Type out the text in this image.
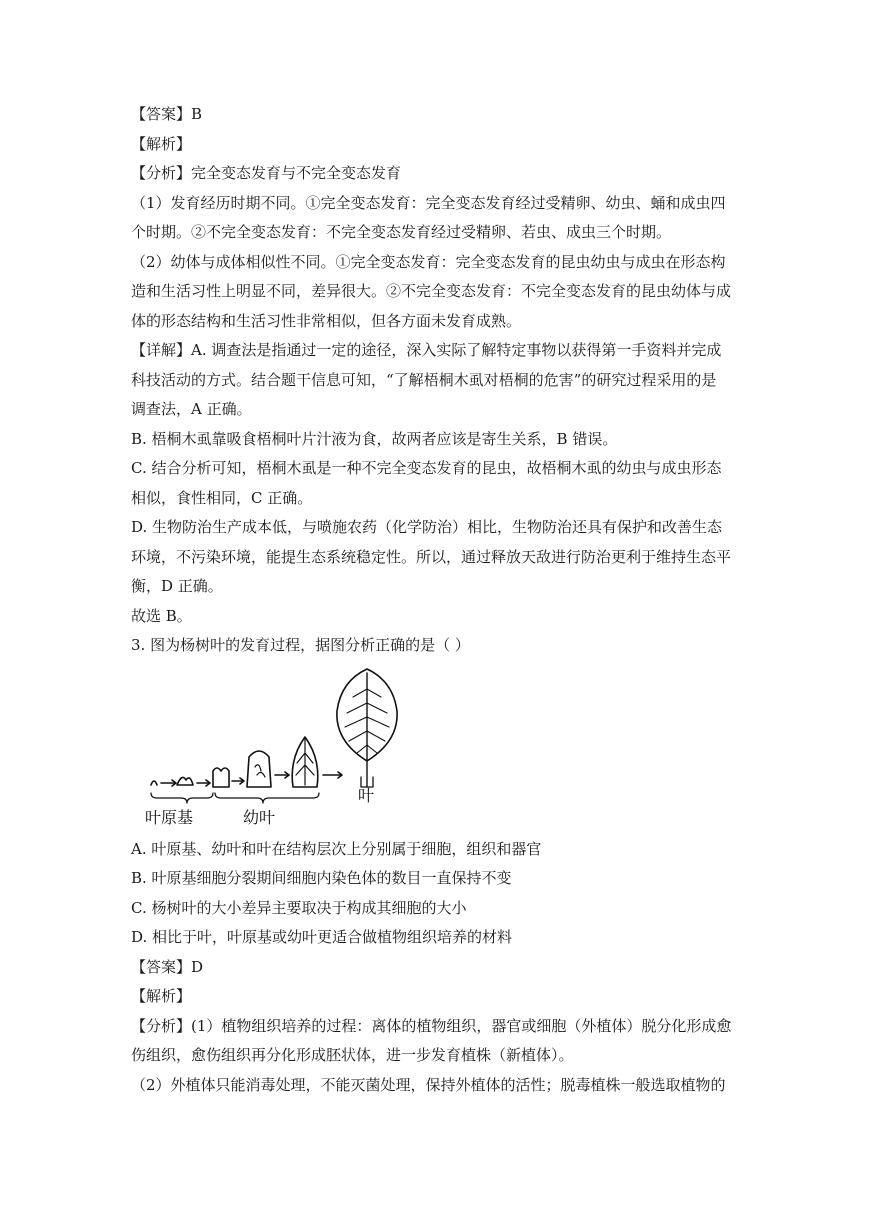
【答案】B

【解析】

【分析】完全变态发育与不完全变态发育

（1）发育经历时期不同。①完全变态发育：完全变态发育经过受精卵、幼虫、蛹和成虫四

个时期。②不完全变态发育：不完全变态发育经过受精卵、若虫、成虫三个时期。

（2）幼体与成体相似性不同。①完全变态发育：完全变态发育的昆虫幼虫与成虫在形态构

造和生活习性上明显不同，差异很大。②不完全变态发育：不完全变态发育的昆虫幼体与成

体的形态结构和生活习性非常相似，但各方面未发育成熟。

【详解】A. 调查法是指通过一定的途径，深入实际了解特定事物以获得第一手资料并完成

科技活动的方式。结合题干信息可知，“了解梧桐木虱对梧桐的危害”的研究过程采用的是

调查法，A 正确。

B. 梧桐木虱靠吸食梧桐叶片汁液为食，故两者应该是寄生关系，B 错误。

C. 结合分析可知，梧桐木虱是一种不完全变态发育的昆虫，故梧桐木虱的幼虫与成虫形态

相似，食性相同，C 正确。

D. 生物防治生产成本低，与喷施农药（化学防治）相比，生物防治还具有保护和改善生态

环境，不污染环境，能提生态系统稳定性。所以，通过释放天敌进行防治更利于维持生态平

衡，D 正确。

故选 B。

3. 图为杨树叶的发育过程，据图分析正确的是（ ）

叶
叶原基	幼叶

A. 叶原基、幼叶和叶在结构层次上分别属于细胞，组织和器官

B. 叶原基细胞分裂期间细胞内染色体的数目一直保持不变

C. 杨树叶的大小差异主要取决于构成其细胞的大小

D. 相比于叶，叶原基或幼叶更适合做植物组织培养的材料

【答案】D

【解析】

【分析】(1）植物组织培养的过程：离体的植物组织，器官或细胞（外植体）脱分化形成愈

伤组织，愈伤组织再分化形成胚状体，进一步发育植株（新植体）。

（2）外植体只能消毒处理，不能灭菌处理，保持外植体的活性；脱毒植株一般选取植物的
